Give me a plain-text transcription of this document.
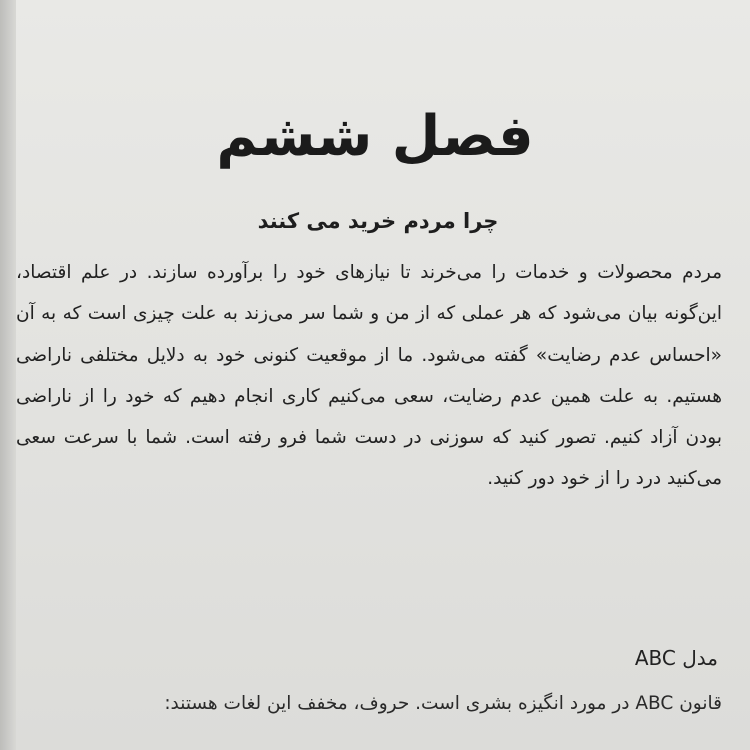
فصل ششم
چرا مردم خرید می کنند

مردم محصولات و خدمات را می‌خرند تا نیازهای خود را برآورده سازند. در علم اقتصاد، این‌گونه بیان می‌شود که هر عملی که از من و شما سر می‌زند به علت چیزی است که به آن «احساس عدم رضایت» گفته می‌شود. ما از موقعیت کنونی خود به دلایل مختلفی ناراضی هستیم. به علت همین عدم رضایت، سعی می‌کنیم کاری انجام دهیم که خود را از ناراضی بودن آزاد کنیم. تصور کنید که سوزنی در دست شما فرو رفته است. شما با سرعت سعی می‌کنید درد را از خود دور کنید.

مدل ABC
قانون ABC در مورد انگیزه بشری است. حروف، مخفف این لغات هستند:
